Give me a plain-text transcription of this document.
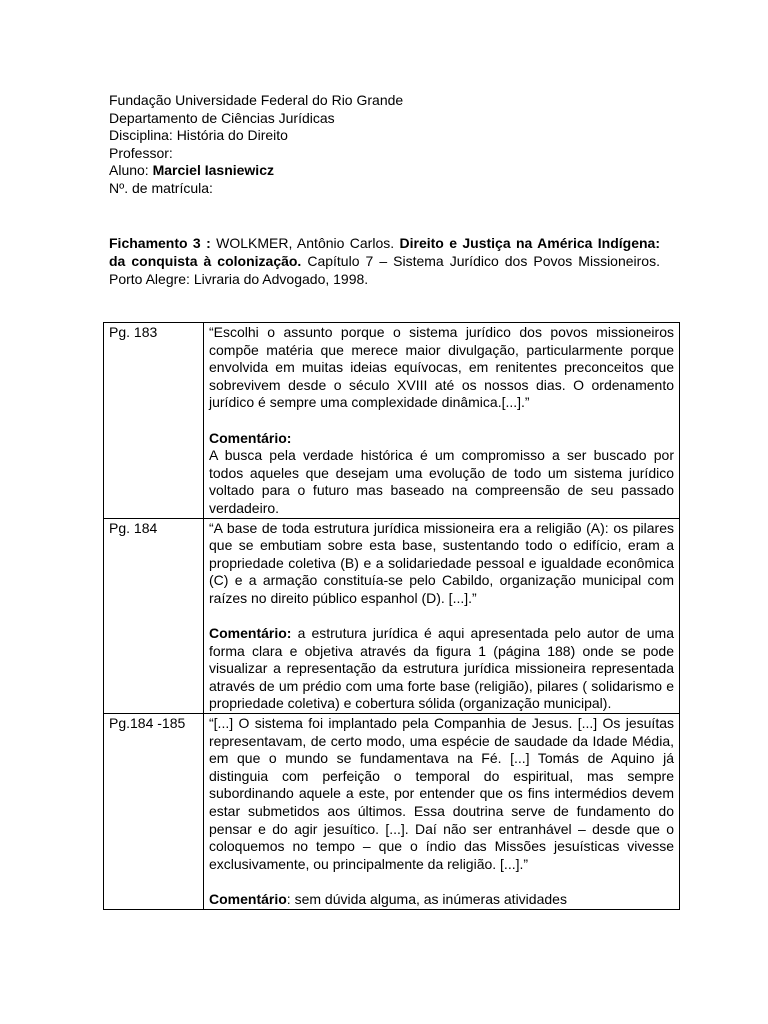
Fundação Universidade Federal do Rio Grande
Departamento de Ciências Jurídicas
Disciplina: História do Direito
Professor:
Aluno: Marciel Iasniewicz
Nº. de matrícula:
Fichamento 3 : WOLKMER, Antônio Carlos. Direito e Justiça na América Indígena: da conquista à colonização. Capítulo 7 – Sistema Jurídico dos Povos Missioneiros. Porto Alegre: Livraria do Advogado, 1998.
Pg. 183	“Escolhi o assunto porque o sistema jurídico dos povos missioneiros compõe matéria que merece maior divulgação, particularmente porque envolvida em muitas ideias equívocas, em renitentes preconceitos que sobrevivem desde o século XVIII até os nossos dias. O ordenamento jurídico é sempre uma complexidade dinâmica.[...].”
Comentário:
A busca pela verdade histórica é um compromisso a ser buscado por todos aqueles que desejam uma evolução de todo um sistema jurídico voltado para o futuro mas baseado na compreensão de seu passado verdadeiro.

Pg. 184	“A base de toda estrutura jurídica missioneira era a religião (A): os pilares que se embutiam sobre esta base, sustentando todo o edifício, eram a propriedade coletiva (B) e a solidariedade pessoal e igualdade econômica (C) e a armação constituía-se pelo Cabildo, organização municipal com raízes no direito público espanhol (D). [...].”
Comentário: a estrutura jurídica é aqui apresentada pelo autor de uma forma clara e objetiva através da figura 1 (página 188) onde se pode visualizar a representação da estrutura jurídica missioneira representada através de um prédio com uma forte base (religião), pilares ( solidarismo e propriedade coletiva) e cobertura sólida (organização municipal).

Pg.184 -185	“[...] O sistema foi implantado pela Companhia de Jesus. [...] Os jesuítas representavam, de certo modo, uma espécie de saudade da Idade Média, em que o mundo se fundamentava na Fé. [...] Tomás de Aquino já distinguia com perfeição o temporal do espiritual, mas sempre subordinando aquele a este, por entender que os fins intermédios devem estar submetidos aos últimos. Essa doutrina serve de fundamento do pensar e do agir jesuítico. [...]. Daí não ser entranhável – desde que o coloquemos no tempo – que o índio das Missões jesuísticas vivesse exclusivamente, ou principalmente da religião. [...].”
Comentário: sem dúvida alguma, as inúmeras atividades
